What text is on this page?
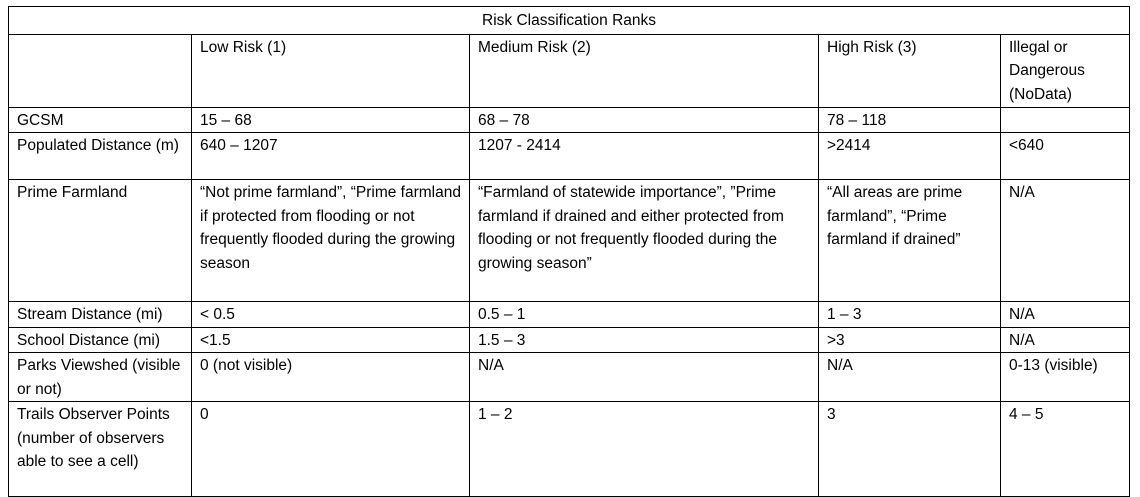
Risk Classification Ranks				
	Low Risk (1)	Medium Risk (2)	High Risk (3)	Illegal or Dangerous (NoData)
GCSM	15 – 68	68 – 78	78 – 118	
Populated Distance (m)	640 – 1207	1207 - 2414	>2414	<640
Prime Farmland	“Not prime farmland”, “Prime farmland if protected from flooding or not frequently flooded during the growing season	“Farmland of statewide importance”, ”Prime farmland if drained and either protected from flooding or not frequently flooded during the growing season”	“All areas are prime farmland”, “Prime farmland if drained”	N/A
Stream Distance (mi)	< 0.5	0.5 – 1	1 – 3	N/A
School Distance (mi)	<1.5	1.5 – 3	>3	N/A
Parks Viewshed (visible or not)	0 (not visible)	N/A	N/A	0-13 (visible)
Trails Observer Points (number of observers able to see a cell)	0	1 – 2	3	4 – 5
